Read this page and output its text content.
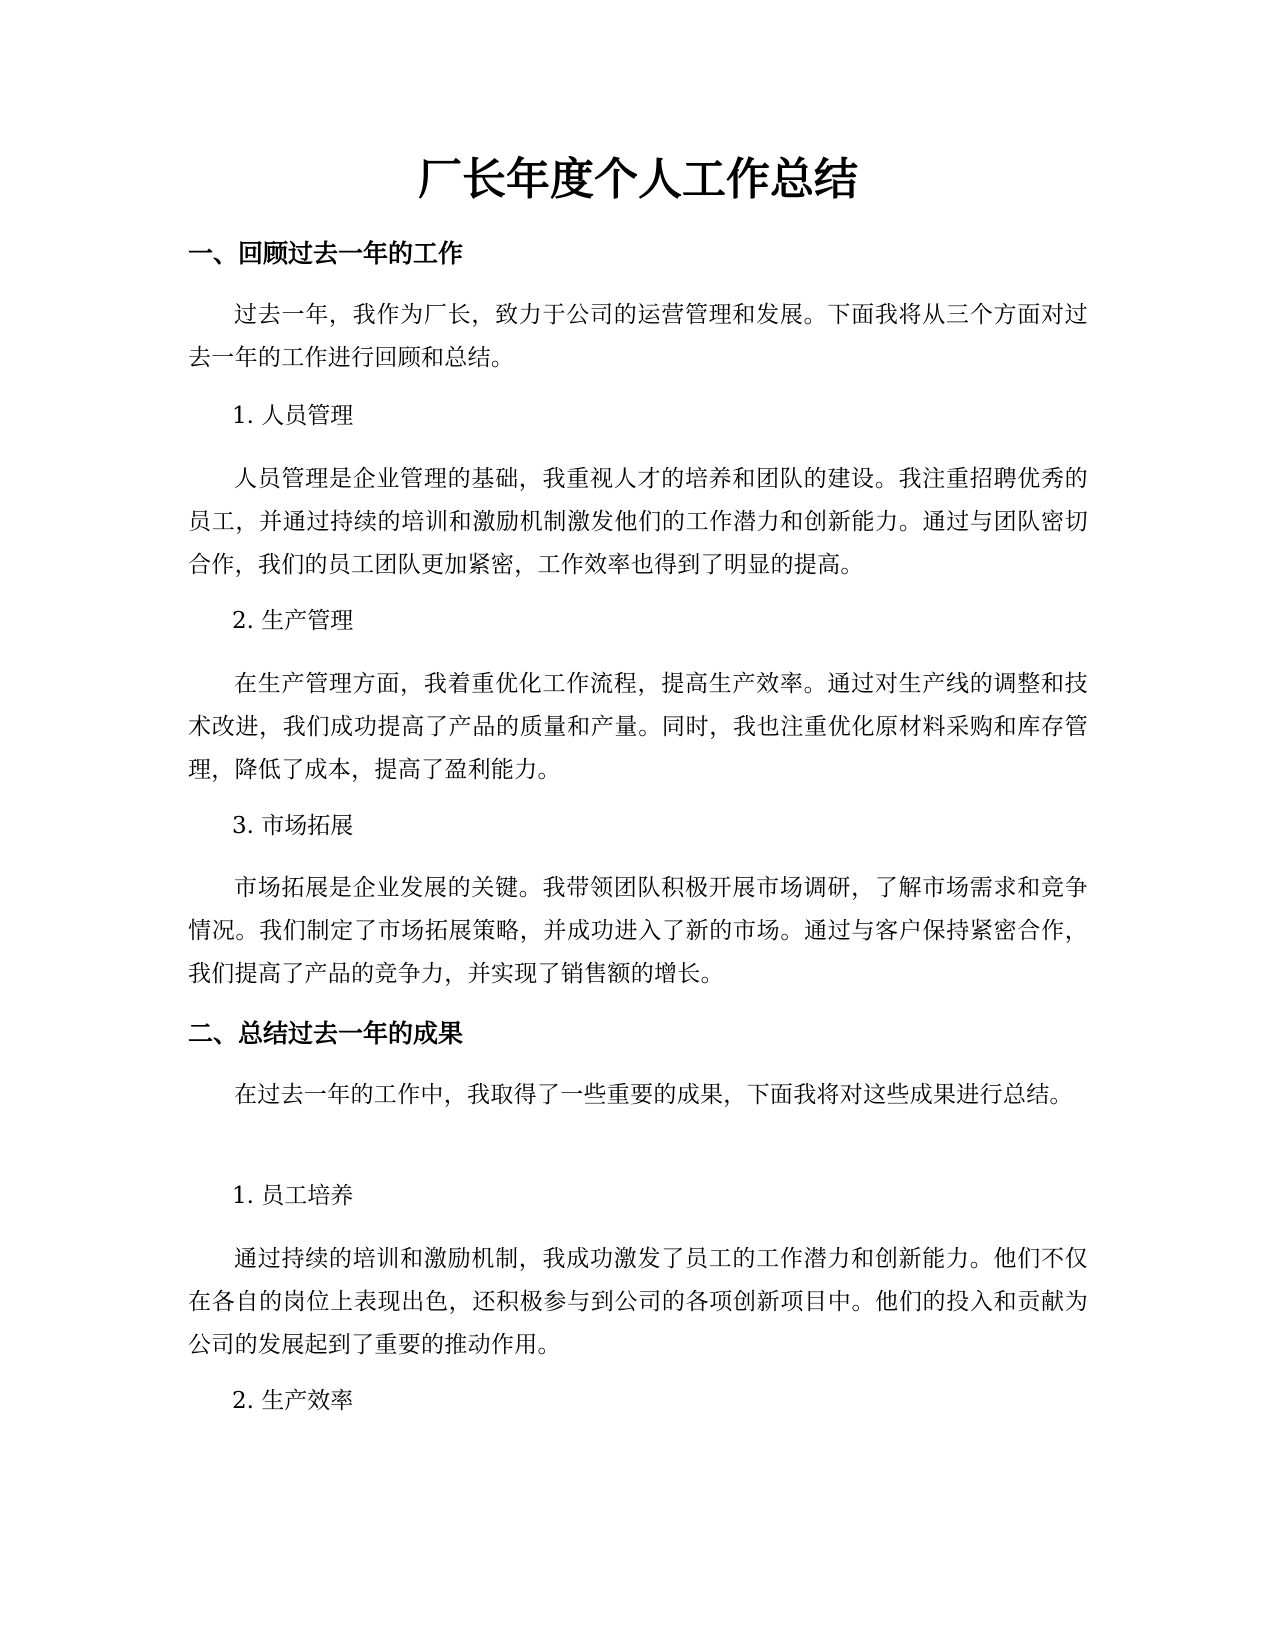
厂长年度个人工作总结
一、回顾过去一年的工作

过去一年，我作为厂长，致力于公司的运营管理和发展。下面我将从三个方面对过去一年的工作进行回顾和总结。

1. 人员管理

人员管理是企业管理的基础，我重视人才的培养和团队的建设。我注重招聘优秀的员工，并通过持续的培训和激励机制激发他们的工作潜力和创新能力。通过与团队密切合作，我们的员工团队更加紧密，工作效率也得到了明显的提高。

2. 生产管理

在生产管理方面，我着重优化工作流程，提高生产效率。通过对生产线的调整和技术改进，我们成功提高了产品的质量和产量。同时，我也注重优化原材料采购和库存管理，降低了成本，提高了盈利能力。

3. 市场拓展

市场拓展是企业发展的关键。我带领团队积极开展市场调研，了解市场需求和竞争情况。我们制定了市场拓展策略，并成功进入了新的市场。通过与客户保持紧密合作，我们提高了产品的竞争力，并实现了销售额的增长。

二、总结过去一年的成果

在过去一年的工作中，我取得了一些重要的成果，下面我将对这些成果进行总结。

1. 员工培养

通过持续的培训和激励机制，我成功激发了员工的工作潜力和创新能力。他们不仅在各自的岗位上表现出色，还积极参与到公司的各项创新项目中。他们的投入和贡献为公司的发展起到了重要的推动作用。

2. 生产效率
